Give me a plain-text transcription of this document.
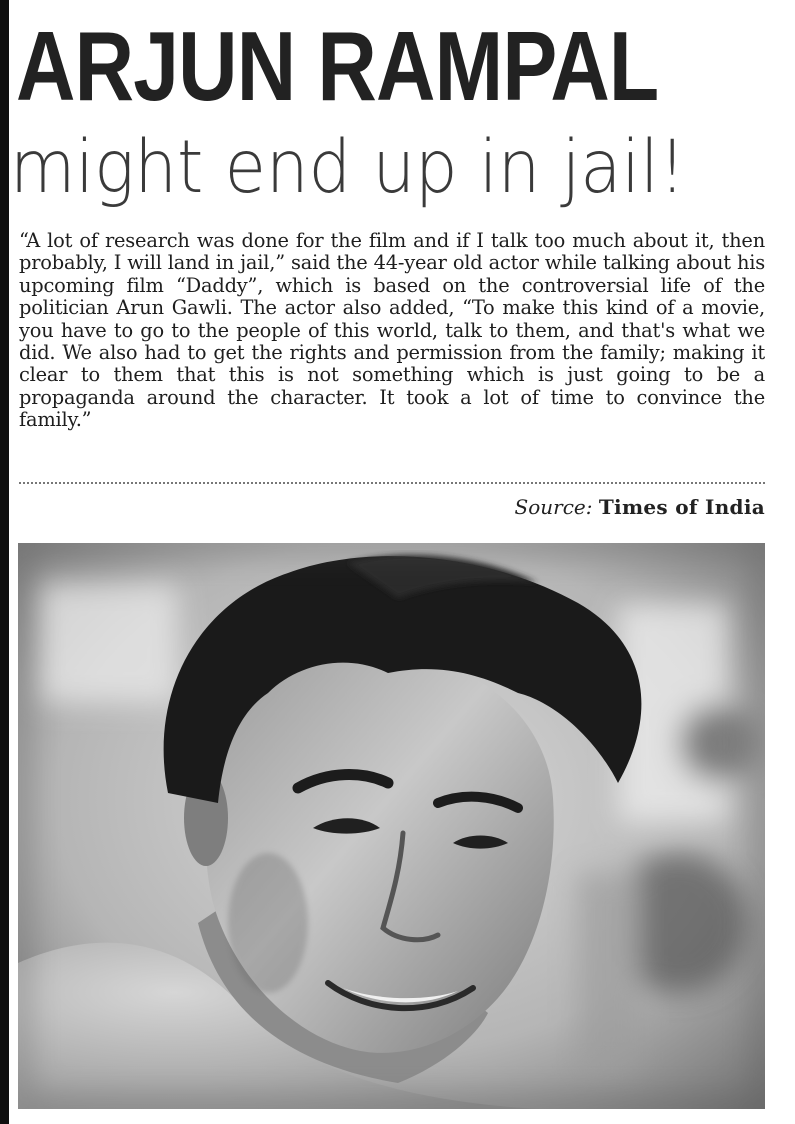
ARJUN RAMPAL
might end up in jail!
“A lot of research was done for the film and if I talk too much about it, then probably, I will land in jail,” said the 44-year old actor while talking about his upcoming film “Daddy”, which is based on the controversial life of the politician Arun Gawli. The actor also added, “To make this kind of a movie, you have to go to the people of this world, talk to them, and that's what we did. We also had to get the rights and permission from the family; making it clear to them that this is not something which is just going to be a propaganda around the character. It took a lot of time to convince the family.”
Source: Times of India
